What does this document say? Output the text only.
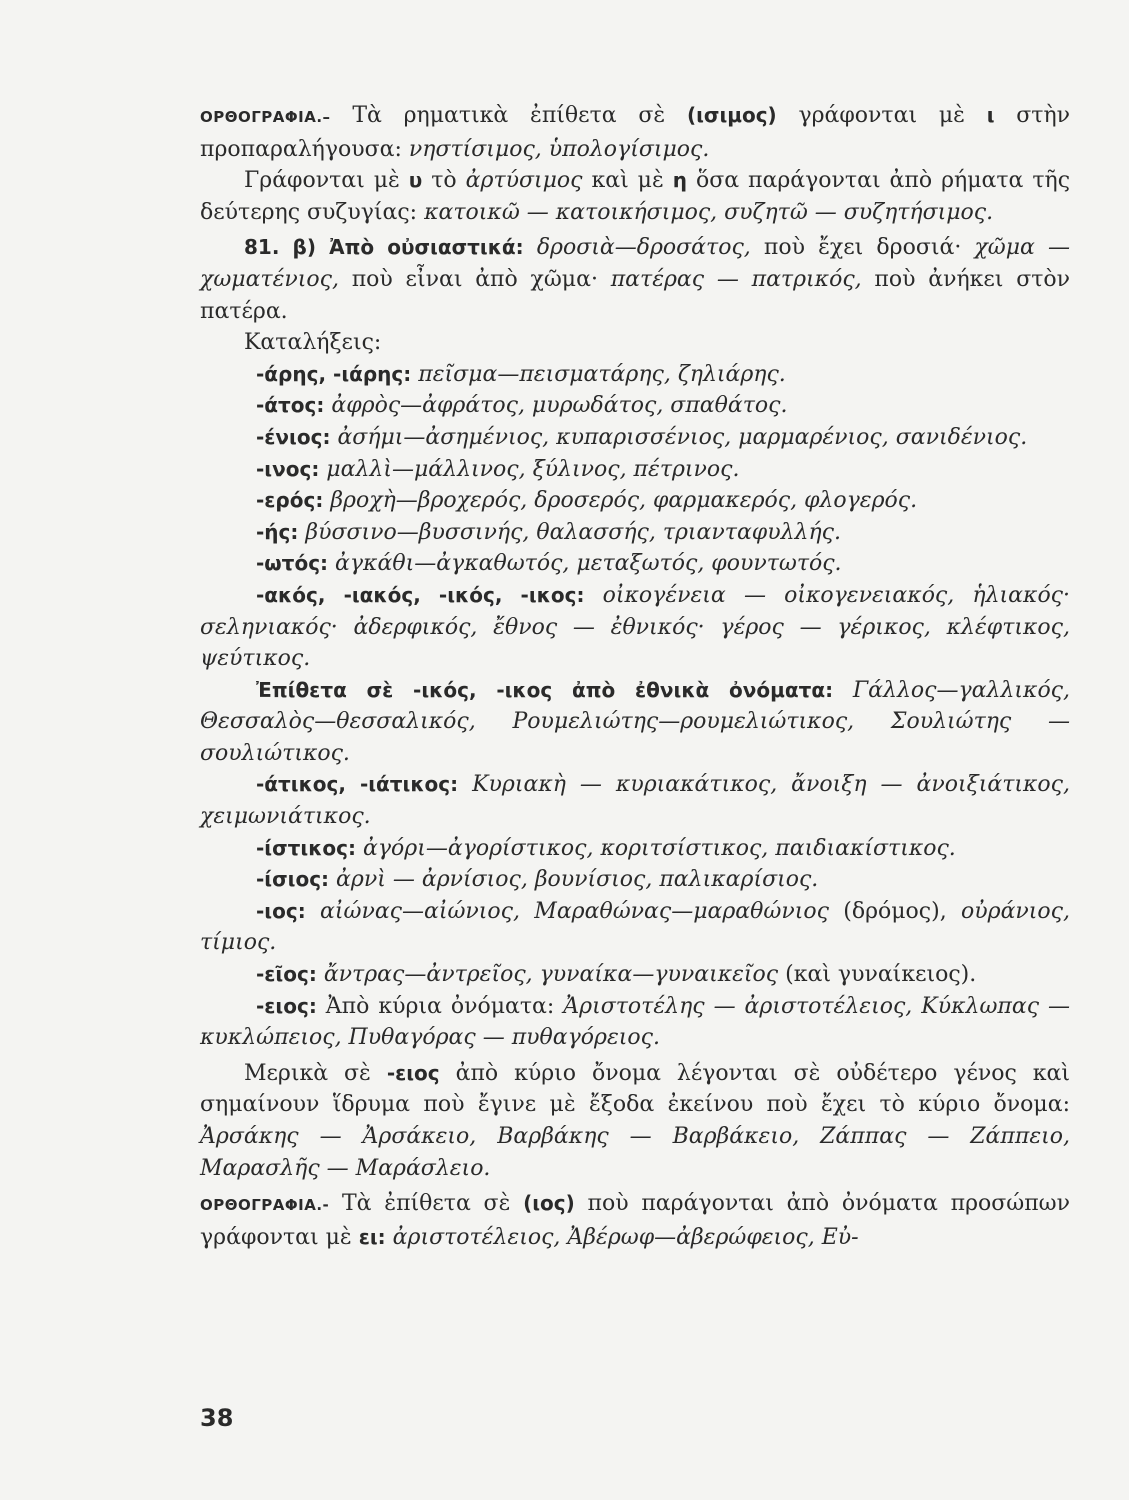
ΟΡΘΟΓΡΑΦΙΑ.– Τὰ ρηματικὰ ἐπίθετα σὲ (ισιμος) γράφονται μὲ ι στὴν προπαραλήγουσα: νηστίσιμος, ὑπολογίσιμος.

Γράφονται μὲ υ τὸ ἀρτύσιμος καὶ μὲ η ὅσα παράγονται ἀπὸ ρήματα τῆς δεύτερης συζυγίας: κατοικῶ — κατοικήσιμος, συζητῶ — συζητήσιμος.

81. β) Ἀπὸ οὐσιαστικά: δροσιὰ—δροσάτος, ποὺ ἔχει δροσιά· χῶμα — χωματένιος, ποὺ εἶναι ἀπὸ χῶμα· πατέρας — πατρικός, ποὺ ἀνήκει στὸν πατέρα.

Καταλήξεις:

-άρης, -ιάρης: πεῖσμα—πεισματάρης, ζηλιάρης.

-άτος: ἀφρὸς—ἀφράτος, μυρωδάτος, σπαθάτος.

-ένιος: ἀσήμι—ἀσημένιος, κυπαρισσένιος, μαρμαρένιος, σανιδένιος.

-ινος: μαλλὶ—μάλλινος, ξύλινος, πέτρινος.

-ερός: βροχὴ—βροχερός, δροσερός, φαρμακερός, φλογερός.

-ής: βύσσινο—βυσσινής, θαλασσής, τριανταφυλλής.

-ωτός: ἀγκάθι—ἀγκαθωτός, μεταξωτός, φουντωτός.

-ακός, -ιακός, -ικός, -ικος: οἰκογένεια — οἰκογενειακός, ἡλιακός· σεληνιακός· ἀδερφικός, ἔθνος — ἐθνικός· γέρος — γέρικος, κλέφτικος, ψεύτικος.

Ἐπίθετα σὲ -ικός, -ικος ἀπὸ ἐθνικὰ ὀνόματα: Γάλλος—γαλλικός, Θεσσαλὸς—θεσσαλικός, Ρουμελιώτης—ρουμελιώτικος, Σουλιώτης —σουλιώτικος.

-άτικος, -ιάτικος: Κυριακὴ — κυριακάτικος, ἄνοιξη — ἀνοιξιάτικος, χειμωνιάτικος.

-ίστικος: ἀγόρι—ἀγορίστικος, κοριτσίστικος, παιδιακίστικος.

-ίσιος: ἀρνὶ — ἀρνίσιος, βουνίσιος, παλικαρίσιος.

-ιος: αἰώνας—αἰώνιος, Μαραθώνας—μαραθώνιος (δρόμος), οὐράνιος, τίμιος.

-εῖος: ἄντρας—ἀντρεῖος, γυναίκα—γυναικεῖος (καὶ γυναίκειος).

-ειος: Ἀπὸ κύρια ὀνόματα: Ἀριστοτέλης — ἀριστοτέλειος, Κύκλωπας — κυκλώπειος, Πυθαγόρας — πυθαγόρειος.

Μερικὰ σὲ -ειος ἀπὸ κύριο ὄνομα λέγονται σὲ οὐδέτερο γένος καὶ σημαίνουν ἵδρυμα ποὺ ἔγινε μὲ ἔξοδα ἐκείνου ποὺ ἔχει τὸ κύριο ὄνομα: Ἀρσάκης — Ἀρσάκειο, Βαρβάκης — Βαρβάκειο, Ζάππας — Ζάππειο, Μαρασλῆς — Μαράσλειο.

ΟΡΘΟΓΡΑΦΙΑ.- Τὰ ἐπίθετα σὲ (ιος) ποὺ παράγονται ἀπὸ ὀνόματα προσώπων γράφονται μὲ ει: ἀριστοτέλειος, Ἀβέρωφ—ἀβερώφειος, Εὐ-

38
